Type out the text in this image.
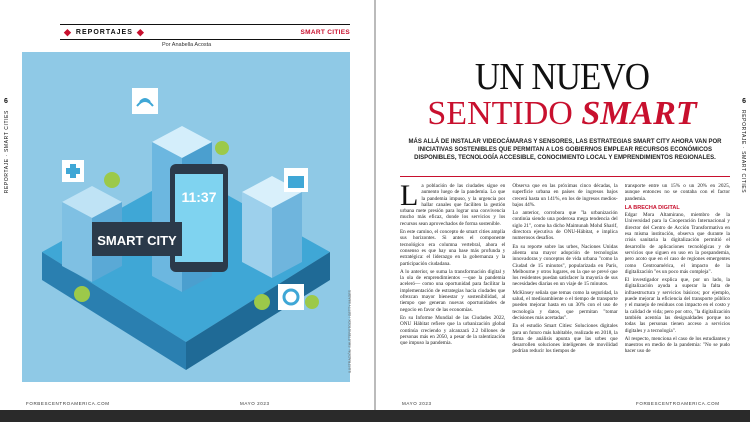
◆ REPORTAJES ◆	SMART CITIES
Por Anabella Acosta
REPORTAJE · SMART CITIES
6
11:37
SMART CITY
ILUSTRACIÓN: SHUTTERSTOCK / GETTY IMAGES
FORBESCENTROAMERICA.COM	MAYO 2023
6
REPORTAJE · SMART CITIES
UN NUEVO
SENTIDO SMART
MÁS ALLÁ DE INSTALAR VIDEOCÁMARAS Y SENSORES, LAS ESTRATEGIAS SMART CITY AHORA VAN POR INICIATIVAS SOSTENIBLES QUE PERMITAN A LOS GOBIERNOS EMPLEAR RECURSOS ECONÓMICOS DISPONIBLES, TECNOLOGÍA ACCESIBLE, CONOCIMIENTO LOCAL Y EMPRENDIMIENTOS REGIONALES.

La población de las ciudades sigue en aumento luego de la pandemia. Lo que la pandemia impuso, y la urgencia por hallar canales que faciliten la gestión urbana mete presión para lograr una convivencia mucho más eficaz, donde los servicios y los recursos sean aprovechados de forma sostenible.

En este camino, el concepto de smart cities amplía sus horizontes. Si antes el componente tecnológico era columna vertebral, ahora el consenso es que hay una base más profunda y estratégica: el liderazgo en la gobernanza y la participación ciudadana.

A lo anterior, se suma la transformación digital y la ola de emprendimientos —que la pandemia aceleró— como una oportunidad para facilitar la implementación de estrategias hacia ciudades que ofrezcan mayor bienestar y sostenibilidad, al tiempo que generan nuevas oportunidades de negocio en favor de las economías.

En su Informe Mundial de las Ciudades 2022, ONU Hábitat refiere que la urbanización global continúa creciendo y alcanzará 2.2 billones de personas más en 2050, a pesar de la ralentización que impuso la pandemia.

Observa que en las próximas cinco décadas, la superficie urbana en países de ingresos bajos crecerá hasta un 141%, en los de ingresos medios-bajos 44%.

Lo anterior, corrobora que "la urbanización continúa siendo una poderosa mega tendencia del siglo 21", como ha dicho Maimunah Mohd Sharif, directora ejecutiva de ONU-Hábitat, e implica numerosos desafíos.

En su reporte sobre las urbes, Naciones Unidas alienta una mayor adopción de tecnologías innovadoras y conceptos de vida urbana "como la Ciudad de 15 minutos", popularizada en París, Melbourne y otros lugares, en la que se prevé que los residentes puedan satisfacer la mayoría de sus necesidades diarias en un viaje de 15 minutos.

McKinsey señala que temas como la seguridad, la salud, el medioambiente o el tiempo de transporte pueden mejorar hasta en un 30% con el uso de tecnología y datos, que permitan "tomar decisiones más acertadas".

En el estudio Smart Cities: Soluciones digitales para un futuro más habitable, realizado en 2018, la firma de análisis apunta que las urbes que desarrollen soluciones inteligentes de movilidad podrían reducir los tiempos de

transporte entre un 15% o un 20% en 2025, aunque entonces no se contaba con el factor pandemia.

LA BRECHA DIGITAL

Edgar Mora Altamirano, miembro de la Universidad para la Cooperación Internacional y director del Centro de Acción Transformativa en esa misma institución, observa que durante la crisis sanitaria la digitalización permitió el desarrollo de aplicaciones tecnológicas y de servicios que siguen en uso en la pospandemia, pero acoto que en el caso de regiones emergentes como Centroamérica, el impacto de la digitalización "es un poco más compleja".

El investigador explica que, por un lado, la digitalización ayuda a superar la falta de infraestructura y servicios básicos; por ejemplo, puede mejorar la eficiencia del transporte público y el manejo de residuos con impacto en el costo y la calidad de vida; pero por otro, "la digitalización también acentúa las desigualdades porque no todas las personas tienen acceso a servicios digitales y a tecnología".

Al respecto, menciona el caso de los estudiantes y maestros en medio de la pandemia: "No se pudo hacer uso de

MAYO 2023	FORBESCENTROAMERICA.COM
